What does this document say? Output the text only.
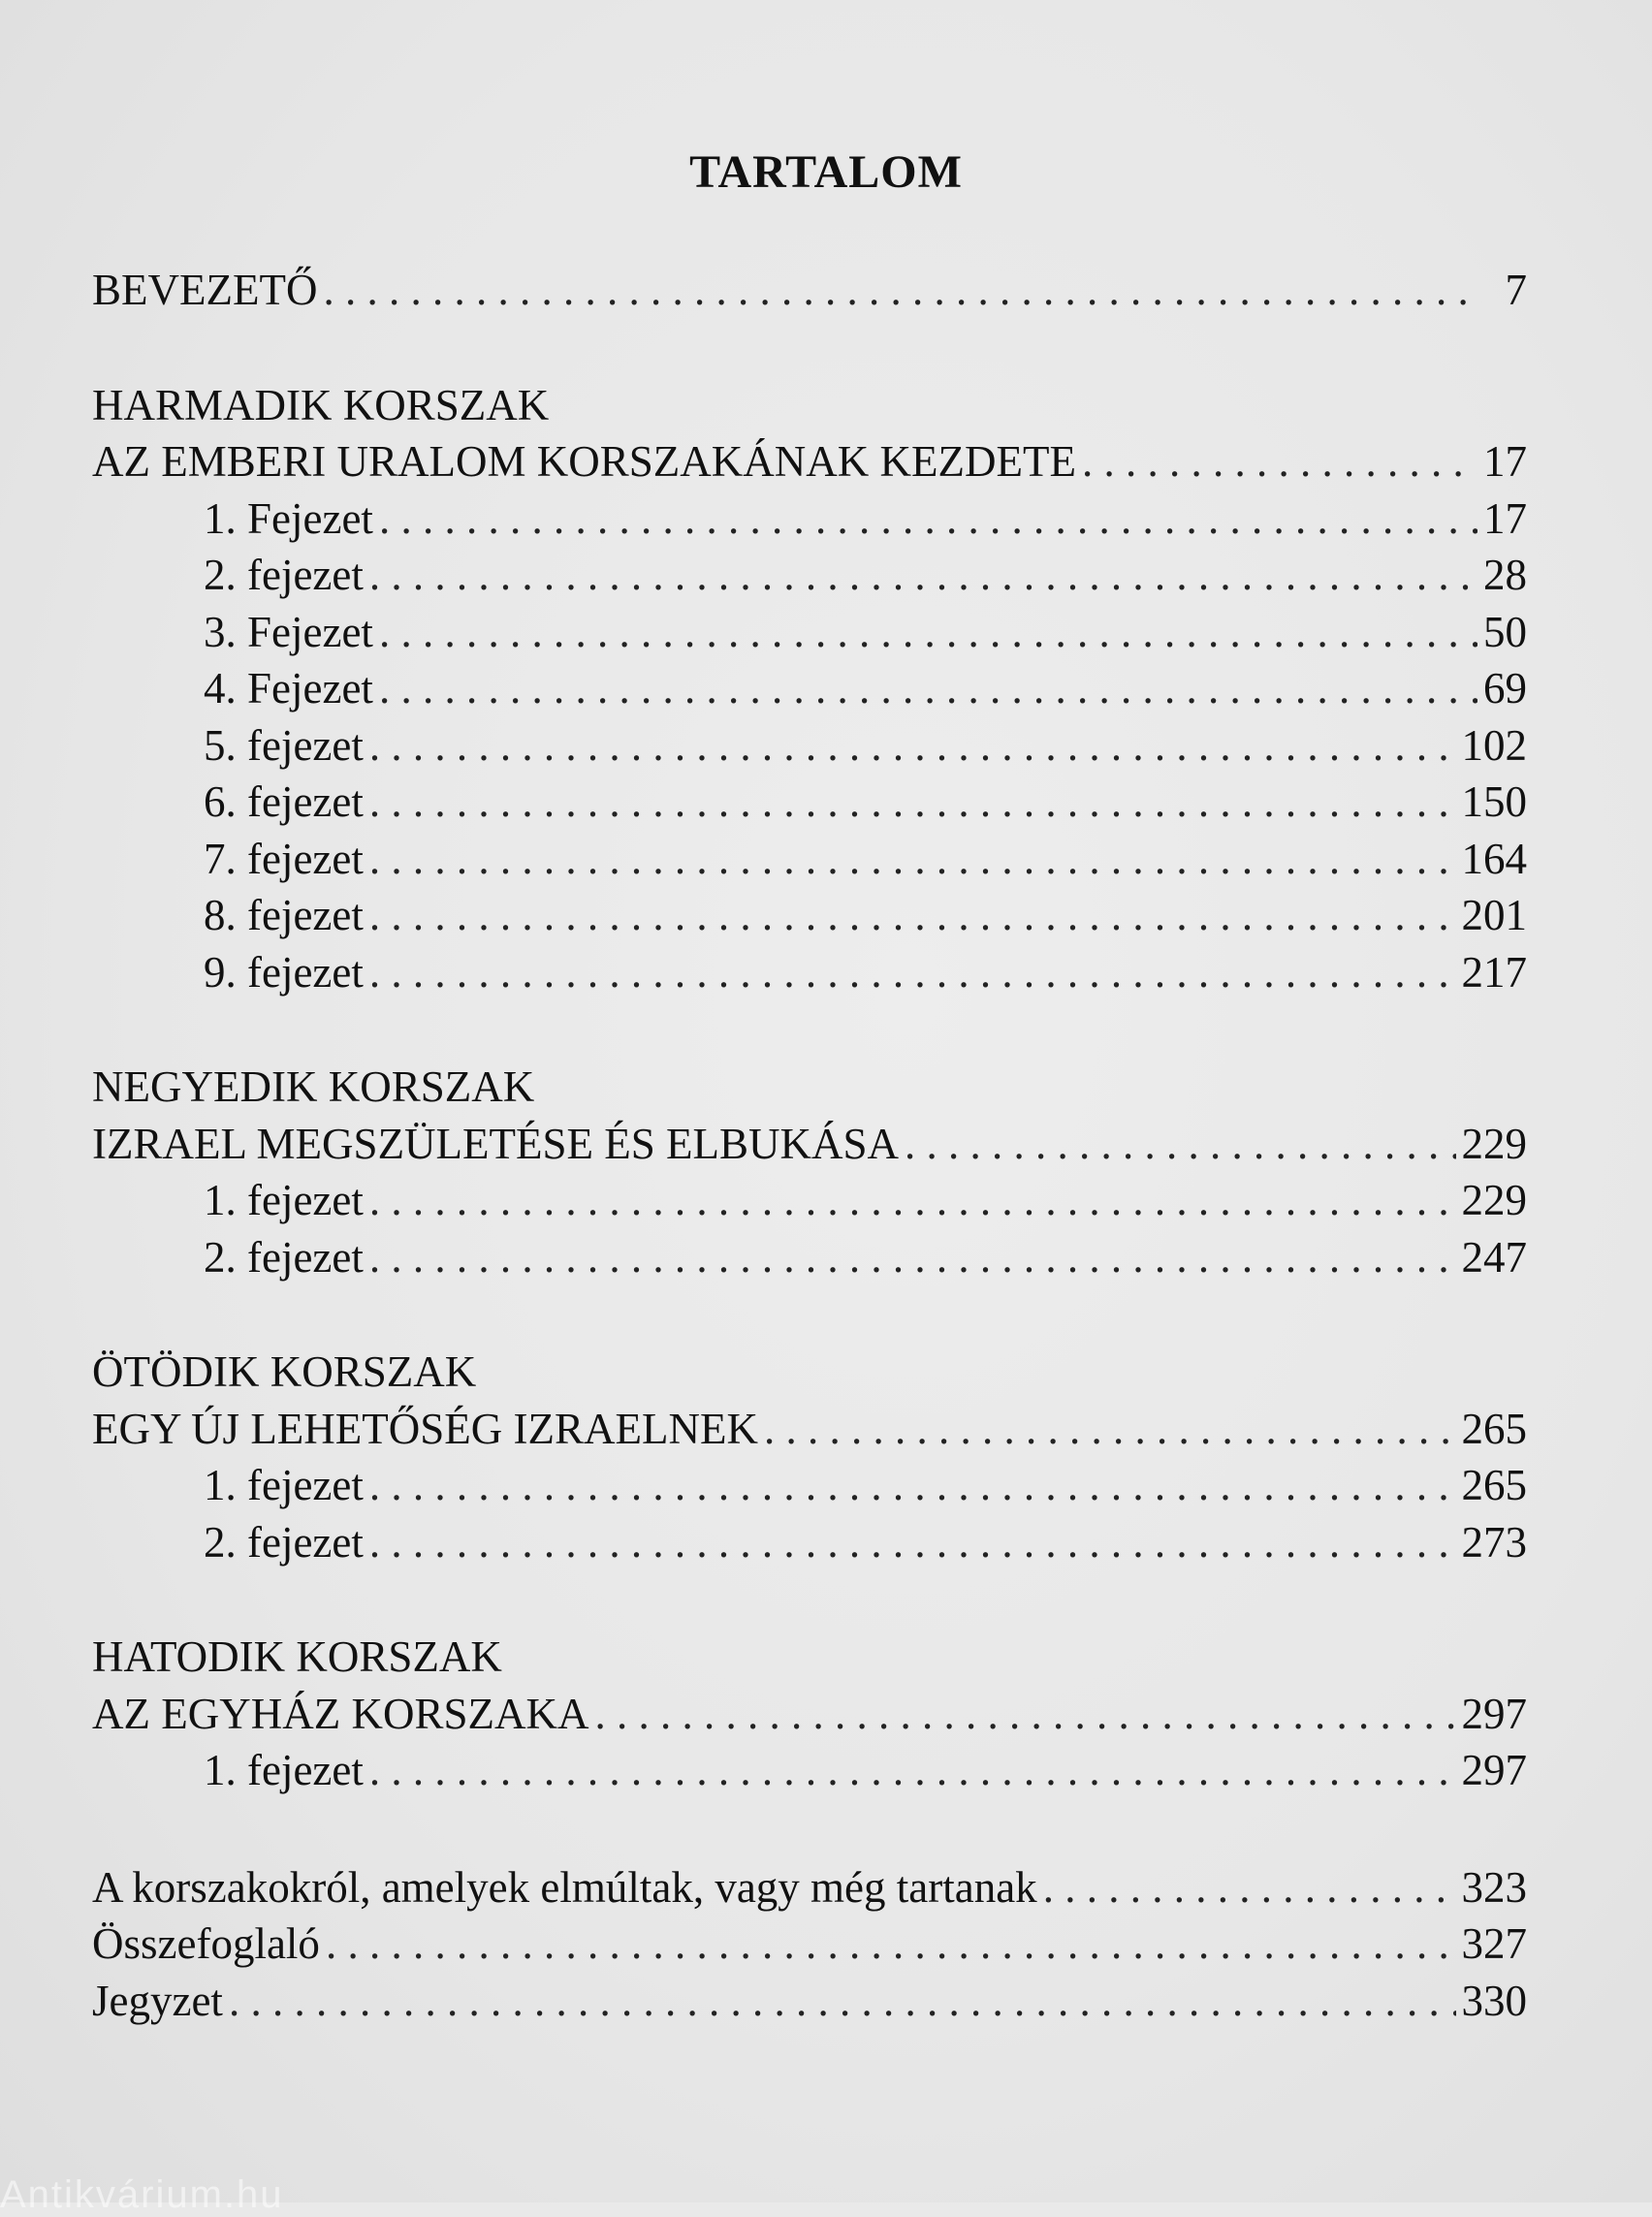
TARTALOM
BEVEZETŐ . . .	7
HARMADIK KORSZAK
AZ EMBERI URALOM KORSZAKÁNAK KEZDETE . . .	17
1. Fejezet . . .	17
2. fejezet . . .	28
3. Fejezet . . .	50
4. Fejezet . . .	69
5. fejezet . . .	102
6. fejezet . . .	150
7. fejezet . . .	164
8. fejezet . . .	201
9. fejezet . . .	217
NEGYEDIK KORSZAK
IZRAEL MEGSZÜLETÉSE ÉS ELBUKÁSA . . .	229
1. fejezet . . .	229
2. fejezet . . .	247
ÖTÖDIK KORSZAK
EGY ÚJ LEHETŐSÉG IZRAELNEK . . .	265
1. fejezet . . .	265
2. fejezet . . .	273
HATODIK KORSZAK
AZ EGYHÁZ KORSZAKA . . .	297
1. fejezet . . .	297
A korszakokról, amelyek elmúltak, vagy még tartanak . . .	323
Összefoglaló . . .	327
Jegyzet . . .	330
Antikvárium.hu
